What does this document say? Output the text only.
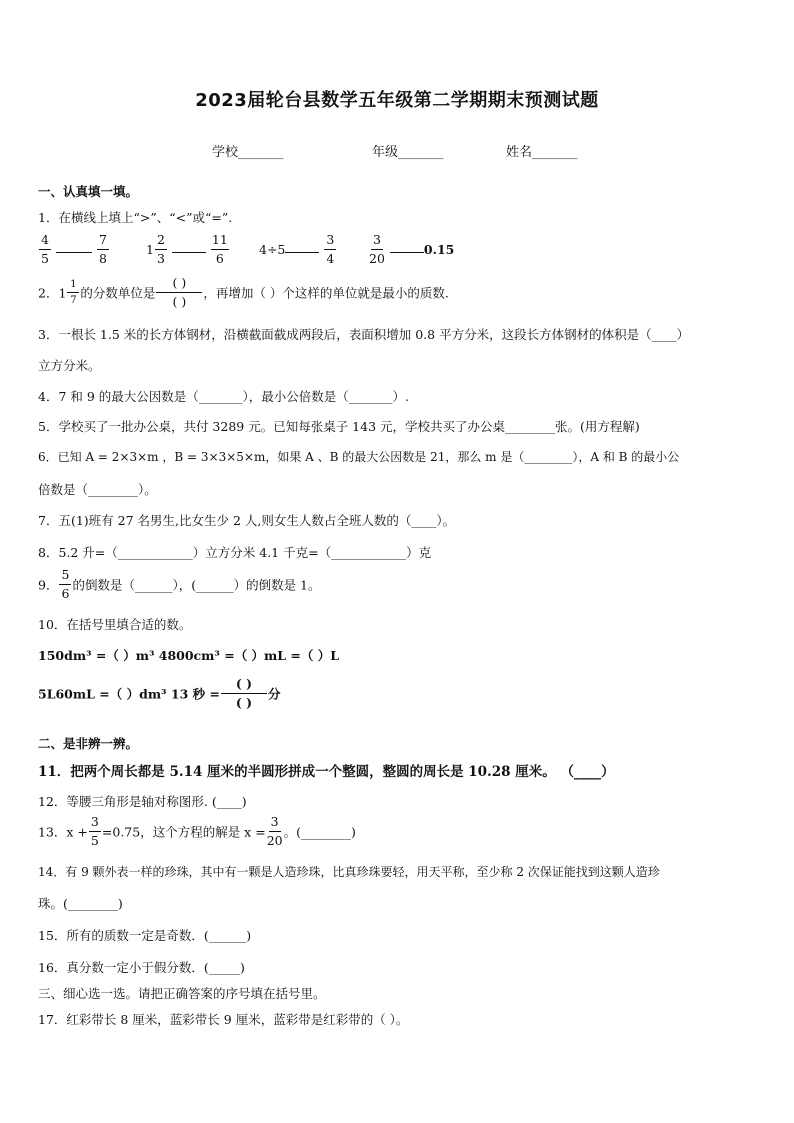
2023届轮台县数学五年级第二学期期末预测试题
学校_______	年级_______	姓名_______
一、认真填一填。
1．在横线上填上“>”、“<”或“=”.
$\frac{4}{5}$
	$\frac{7}{8}$	$1 \frac{2}{3}$
	$\frac{11}{6} 4\div 5$	$\frac{3}{4}$	$\frac{3}{20}$	0.15
2．$1 \frac{1}{7}$ 的分数单位是 $\frac{( )}{( )}$ ，再增加（ ）个这样的单位就是最小的质数.
3．一根长 1.5 米的长方体钢材，沿横截面截成两段后，表面积增加 0.8 平方分米，这段长方体钢材的体积是（____）
立方分米。
4．7 和 9 的最大公因数是（_______），最小公倍数是（_______）.
5．学校买了一批办公桌，共付 3289 元。已知每张桌子 143 元，学校共买了办公桌________张。(用方程解)
6．已知 A = 2×3×m ，B = 3×3×5×m，如果 A 、B 的最大公因数是 21，那么 m 是（________），A 和 B 的最小公
倍数是（________）。
7．五(1)班有 27 名男生,比女生少 2 人,则女生人数占全班人数的（____）。
8．5.2 升=（____________）立方分米 4.1 千克=（____________）克
9． $\frac{5}{6}$ 的倒数是（______），(______）的倒数是 1。
10．在括号里填合适的数。
150dm³ =（ ）m³ 4800cm³ =（ ）mL =（ ）L
5L60mL =（ ）dm³ 13 秒 = $\frac{( )}{( )}$ 分
二、是非辨一辨。
11．把两个周长都是 5.14 厘米的半圆形拼成一个整圆，整圆的周长是 10.28 厘米。 （____）
12．等腰三角形是轴对称图形. (____)
13．$x + \frac{3}{5} =0.75$，这个方程的解是 $x = \frac{3}{20}$ 。(________)
14．有 9 颗外表一样的珍珠，其中有一颗是人造珍珠，比真珍珠要轻，用天平称，至少称 2 次保证能找到这颗人造珍
珠。(________)
15．所有的质数一定是奇数．(______)
16．真分数一定小于假分数．(_____)
三、细心选一选。请把正确答案的序号填在括号里。
17．红彩带长 8 厘米，蓝彩带长 9 厘米，蓝彩带是红彩带的（ ）。
